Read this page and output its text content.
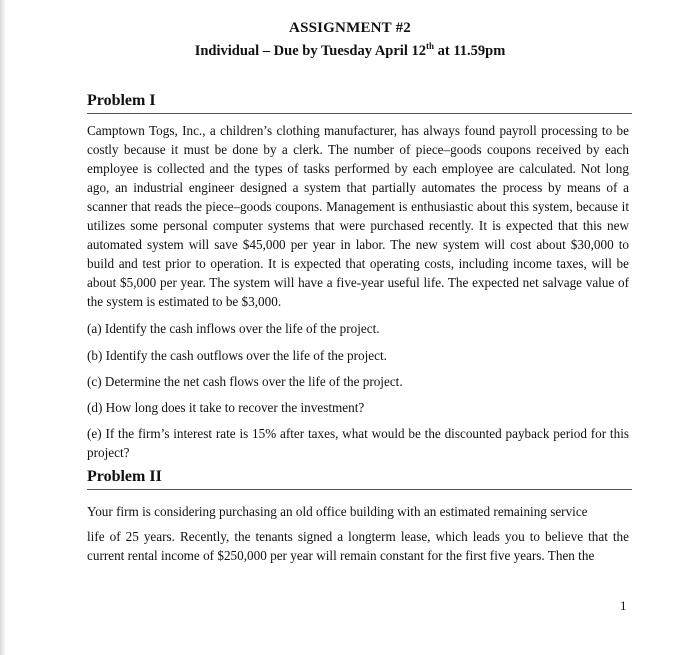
ASSIGNMENT #2
Individual – Due by Tuesday April 12th at 11.59pm
Problem I

Camptown Togs, Inc., a children’s clothing manufacturer, has always found payroll processing to be costly because it must be done by a clerk. The number of piece–goods coupons received by each employee is collected and the types of tasks performed by each employee are calculated. Not long ago, an industrial engineer designed a system that partially automates the process by means of a scanner that reads the piece–goods coupons. Management is enthusiastic about this system, because it utilizes some personal computer systems that were purchased recently. It is expected that this new automated system will save $45,000 per year in labor. The new system will cost about $30,000 to build and test prior to operation. It is expected that operating costs, including income taxes, will be about $5,000 per year. The system will have a five-year useful life. The expected net salvage value of the system is estimated to be $3,000.

(a) Identify the cash inflows over the life of the project.

(b) Identify the cash outflows over the life of the project.

(c) Determine the net cash flows over the life of the project.

(d) How long does it take to recover the investment?

(e) If the firm’s interest rate is 15% after taxes, what would be the discounted payback period for this project?

Problem II

Your firm is considering purchasing an old office building with an estimated remaining service

life of 25 years. Recently, the tenants signed a longterm lease, which leads you to believe that the current rental income of $250,000 per year will remain constant for the first five years. Then the

1
